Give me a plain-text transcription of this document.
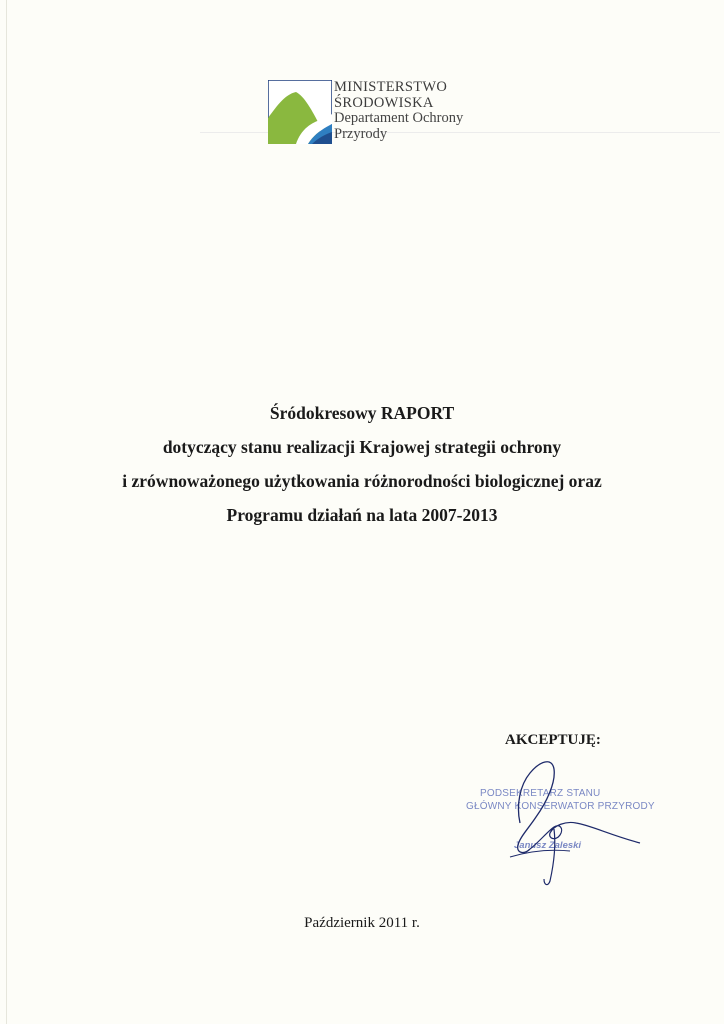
MINISTERSTWO
ŚRODOWISKA
Departament Ochrony
Przyrody
Śródokresowy RAPORT
dotyczący stanu realizacji Krajowej strategii ochrony
i zrównoważonego użytkowania różnorodności biologicznej oraz
Programu działań na lata 2007-2013
AKCEPTUJĘ:
PODSEKRETARZ STANU
GŁÓWNY KONSERWATOR PRZYRODY
Janusz Zaleski
Październik 2011 r.
